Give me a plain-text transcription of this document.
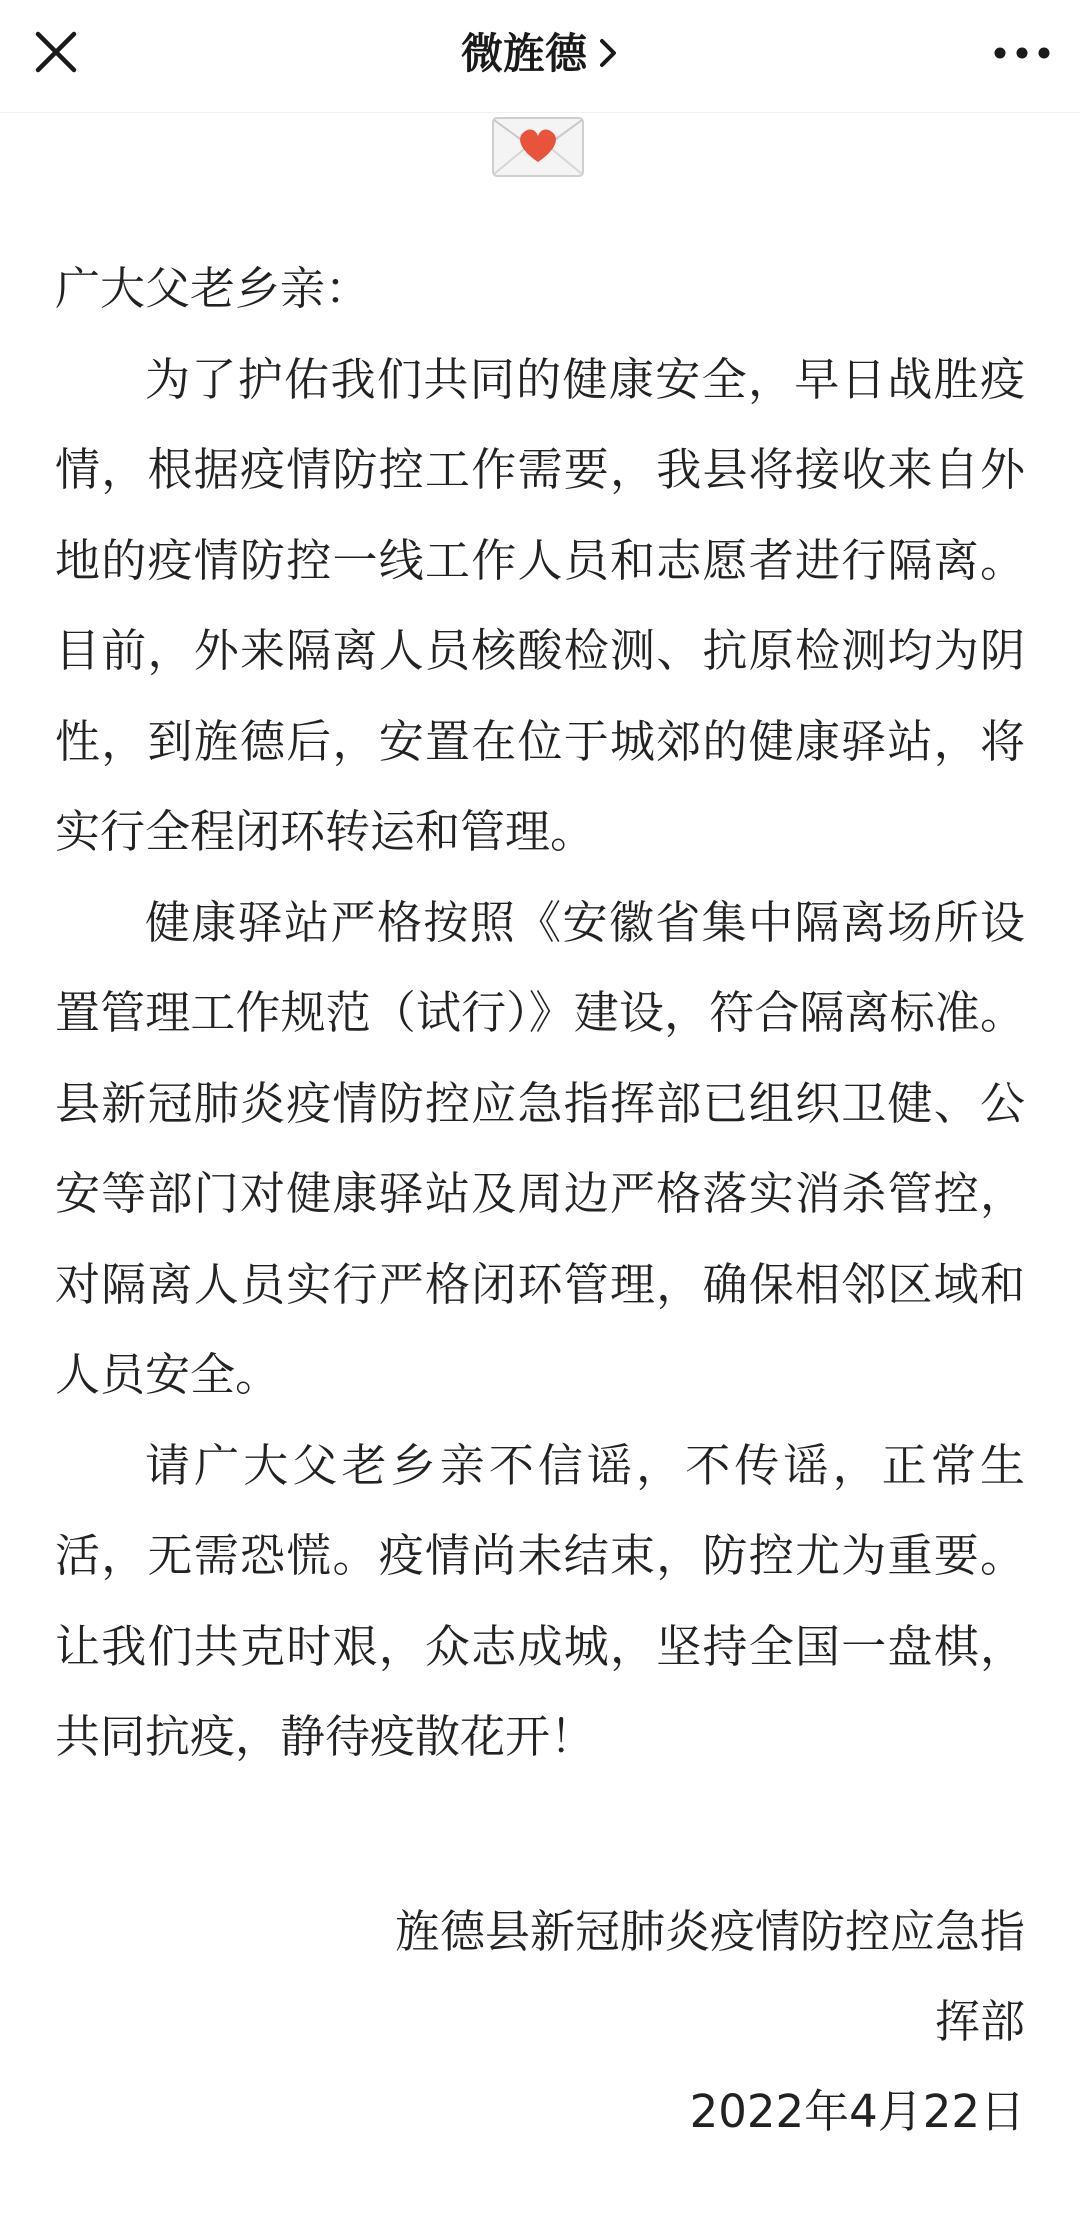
微旌德

广大父老乡亲：

为了护佑我们共同的健康安全，早日战胜疫情，根据疫情防控工作需要，我县将接收来自外地的疫情防控一线工作人员和志愿者进行隔离。目前，外来隔离人员核酸检测、抗原检测均为阴性，到旌德后，安置在位于城郊的健康驿站，将实行全程闭环转运和管理。

健康驿站严格按照《安徽省集中隔离场所设置管理工作规范（试行）》建设，符合隔离标准。县新冠肺炎疫情防控应急指挥部已组织卫健、公安等部门对健康驿站及周边严格落实消杀管控，对隔离人员实行严格闭环管理，确保相邻区域和人员安全。

请广大父老乡亲不信谣，不传谣，正常生活，无需恐慌。疫情尚未结束，防控尤为重要。让我们共克时艰，众志成城，坚持全国一盘棋，共同抗疫，静待疫散花开！

旌德县新冠肺炎疫情防控应急指
挥部
2022年4月22日
